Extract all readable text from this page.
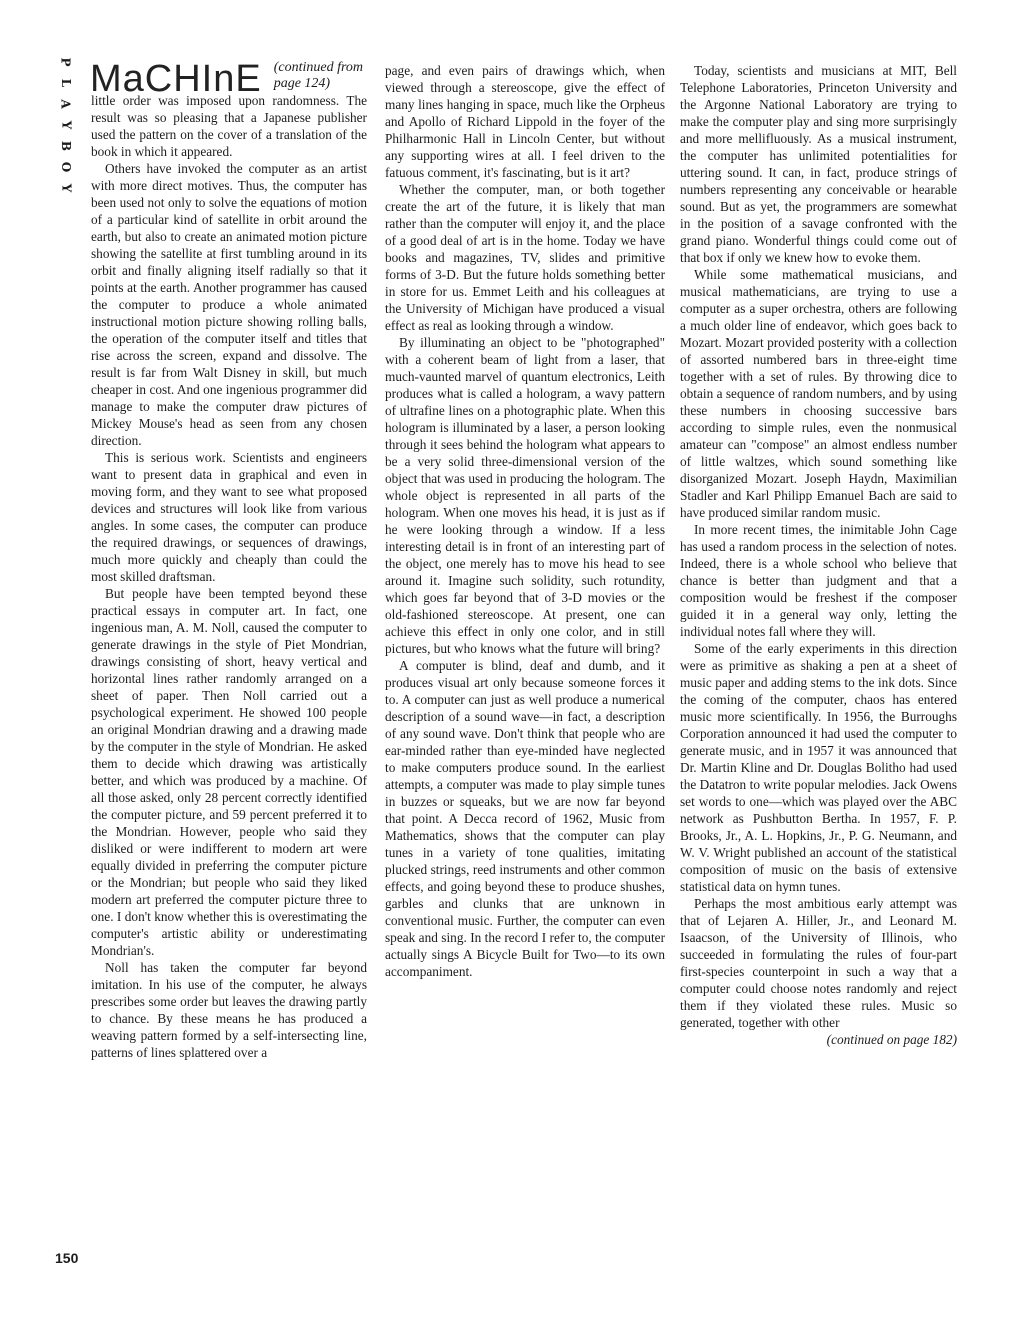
P
L
A
Y
B
O
Y
MaCHInE (continued from page 124)

little order was imposed upon randomness. The result was so pleasing that a Japanese publisher used the pattern on the cover of a translation of the book in which it appeared.

Others have invoked the computer as an artist with more direct motives. Thus, the computer has been used not only to solve the equations of motion of a particular kind of satellite in orbit around the earth, but also to create an animated motion picture showing the satellite at first tumbling around in its orbit and finally aligning itself radially so that it points at the earth. Another programmer has caused the computer to produce a whole animated instructional motion picture showing rolling balls, the operation of the computer itself and titles that rise across the screen, expand and dissolve. The result is far from Walt Disney in skill, but much cheaper in cost. And one ingenious programmer did manage to make the computer draw pictures of Mickey Mouse's head as seen from any chosen direction.

This is serious work. Scientists and engineers want to present data in graphical and even in moving form, and they want to see what proposed devices and structures will look like from various angles. In some cases, the computer can produce the required drawings, or sequences of drawings, much more quickly and cheaply than could the most skilled draftsman.

But people have been tempted beyond these practical essays in computer art. In fact, one ingenious man, A. M. Noll, caused the computer to generate drawings in the style of Piet Mondrian, drawings consisting of short, heavy vertical and horizontal lines rather randomly arranged on a sheet of paper. Then Noll carried out a psychological experiment. He showed 100 people an original Mondrian drawing and a drawing made by the computer in the style of Mondrian. He asked them to decide which drawing was artistically better, and which was produced by a machine. Of all those asked, only 28 percent correctly identified the computer picture, and 59 percent preferred it to the Mondrian. However, people who said they disliked or were indifferent to modern art were equally divided in preferring the computer picture or the Mondrian; but people who said they liked modern art preferred the computer picture three to one. I don't know whether this is overestimating the computer's artistic ability or underestimating Mondrian's.

Noll has taken the computer far beyond imitation. In his use of the computer, he always prescribes some order but leaves the drawing partly to chance. By these means he has produced a weaving pattern formed by a self-intersecting line, patterns of lines splattered over a

page, and even pairs of drawings which, when viewed through a stereoscope, give the effect of many lines hanging in space, much like the Orpheus and Apollo of Richard Lippold in the foyer of the Philharmonic Hall in Lincoln Center, but without any supporting wires at all. I feel driven to the fatuous comment, it's fascinating, but is it art?

Whether the computer, man, or both together create the art of the future, it is likely that man rather than the computer will enjoy it, and the place of a good deal of art is in the home. Today we have books and magazines, TV, slides and primitive forms of 3-D. But the future holds something better in store for us. Emmet Leith and his colleagues at the University of Michigan have produced a visual effect as real as looking through a window.

By illuminating an object to be "photographed" with a coherent beam of light from a laser, that much-vaunted marvel of quantum electronics, Leith produces what is called a hologram, a wavy pattern of ultrafine lines on a photographic plate. When this hologram is illuminated by a laser, a person looking through it sees behind the hologram what appears to be a very solid three-dimensional version of the object that was used in producing the hologram. The whole object is represented in all parts of the hologram. When one moves his head, it is just as if he were looking through a window. If a less interesting detail is in front of an interesting part of the object, one merely has to move his head to see around it. Imagine such solidity, such rotundity, which goes far beyond that of 3-D movies or the old-fashioned stereoscope. At present, one can achieve this effect in only one color, and in still pictures, but who knows what the future will bring?

A computer is blind, deaf and dumb, and it produces visual art only because someone forces it to. A computer can just as well produce a numerical description of a sound wave—in fact, a description of any sound wave. Don't think that people who are ear-minded rather than eye-minded have neglected to make computers produce sound. In the earliest attempts, a computer was made to play simple tunes in buzzes or squeaks, but we are now far beyond that point. A Decca record of 1962, Music from Mathematics, shows that the computer can play tunes in a variety of tone qualities, imitating plucked strings, reed instruments and other common effects, and going beyond these to produce shushes, garbles and clunks that are unknown in conventional music. Further, the computer can even speak and sing. In the record I refer to, the computer actually sings A Bicycle Built for Two—to its own accompaniment.

Today, scientists and musicians at MIT, Bell Telephone Laboratories, Princeton University and the Argonne National Laboratory are trying to make the computer play and sing more surprisingly and more mellifluously. As a musical instrument, the computer has unlimited potentialities for uttering sound. It can, in fact, produce strings of numbers representing any conceivable or hearable sound. But as yet, the programmers are somewhat in the position of a savage confronted with the grand piano. Wonderful things could come out of that box if only we knew how to evoke them.

While some mathematical musicians, and musical mathematicians, are trying to use a computer as a super orchestra, others are following a much older line of endeavor, which goes back to Mozart. Mozart provided posterity with a collection of assorted numbered bars in three-eight time together with a set of rules. By throwing dice to obtain a sequence of random numbers, and by using these numbers in choosing successive bars according to simple rules, even the nonmusical amateur can "compose" an almost endless number of little waltzes, which sound something like disorganized Mozart. Joseph Haydn, Maximilian Stadler and Karl Philipp Emanuel Bach are said to have produced similar random music.

In more recent times, the inimitable John Cage has used a random process in the selection of notes. Indeed, there is a whole school who believe that chance is better than judgment and that a composition would be freshest if the composer guided it in a general way only, letting the individual notes fall where they will.

Some of the early experiments in this direction were as primitive as shaking a pen at a sheet of music paper and adding stems to the ink dots. Since the coming of the computer, chaos has entered music more scientifically. In 1956, the Burroughs Corporation announced it had used the computer to generate music, and in 1957 it was announced that Dr. Martin Kline and Dr. Douglas Bolitho had used the Datatron to write popular melodies. Jack Owens set words to one—which was played over the ABC network as Pushbutton Bertha. In 1957, F. P. Brooks, Jr., A. L. Hopkins, Jr., P. G. Neumann, and W. V. Wright published an account of the statistical composition of music on the basis of extensive statistical data on hymn tunes.

Perhaps the most ambitious early attempt was that of Lejaren A. Hiller, Jr., and Leonard M. Isaacson, of the University of Illinois, who succeeded in formulating the rules of four-part first-species counterpoint in such a way that a computer could choose notes randomly and reject them if they violated these rules. Music so generated, together with other

(continued on page 182)
150
